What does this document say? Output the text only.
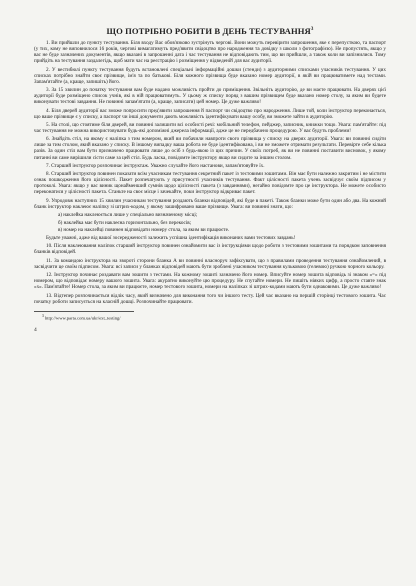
ЩО ПОТРІБНО РОБИТИ В ДЕНЬ ТЕСТУВАННЯ$^3$

1. Ви прийшли до пункту тестування. Біля входу Вас обов'язково зустрінуть черговi. Вони можуть перевірити запрошення, яке є перепусткою, та паспорт (у тих, кому не виповнилося 16 років, черговi вимагатимуть пред'явити свідоцтво про народження та довідку з школи з фотографією). Не пропустять, якщо у вас не буде зазначених документів, якщо вказані в запрошенні дата і час тестування не відповідають тим, що ви прийшли, а також коли ви запізнилися. Тому прийдіть на тестування заздалегідь, щоб мати час на реєстрацію і розміщення у відведеній для вас аудиторії.

2. У вестибюлі пункту тестування будуть встановлені спеціальні інформаційні дошки (стенди) з аудиторними списками учасників тестування. У цих списках потрібно знайти своє прізвище, ім'я та по батькові. Біля кожного прізвища буде вказано номер аудиторії, в якій ви працюватимете над тестами. Запам'ятайте (а, краще, запишіть) його.

3. За 15 хвилин до початку тестування вам буде надано можливість пройти до приміщення. Звільніть аудиторію, де ви маєте працювати. На дверях цієї аудиторії буде розміщено список учнів, які в ній працюватимуть. У цьому ж списку поряд з вашим прізвищем буде вказано номер столу, за яким ви будете виконувати тестові завдання. Не повинні запам'ятати (а, краще, записати) цей номер. Це дуже важливо!

4. Біля дверей аудиторії вас зможе попросити пред'явити запрошення й паспорт чи свідоцтво про народження. Лише той, коли інструктор переконається, що ваше прізвище є у списку, а паспорт чи інші документи дають можливість ідентифікувати вашу особу, ви зможете зайти в аудиторію.

5. На столі, що стоятиме біля дверей, ви повинні залишити всі особисті речі: мобільний телефон, пейджер, записник, книжки тощо. Увага: пам'ятайте: під час тестування не можна використовувати будь-які допоміжні джерела інформації, адже це не передбачено процедурою. У вас будуть проблеми!

6. Знайдіть стіл, на якому є наліпка з тим номером, який ви побачили навпроти свого прізвища у списку на дверях аудиторії. Увага: ви повинні сидіти лише за тим столом, який вказано у списку. В іншому випадку ваша робота не буде ідентифікована, і ви не зможете отримати результати. Перевірте себе кілька разів. За один стіл вам бути призначено працювати лише до осіб з будь-якою із цих причин. У своїх потреб, як ви не повинні поставити висновок, у якому питанні ви саме вирішили сісти саме за цей стіл. Будь ласка, повідомте інструктору якщо ви сидите за іншим столом.

7. Старший інструктор розпочинає інструктаж. Уважно слухайте його настанови, запам'ятовуйте їх.

8. Старший інструктор повинен показати всім учасникам тестування секретний пакет із тестовими зошитами. Він має бути належно закритим і не містити ознак пошкодження його цілісності. Пакет розпечатують у присутності учасників тестування. Факт цілісності пакета учень засвідчує своїм підписом у протоколі. Увага: якщо у вас виник щонайменший сумнів щодо цілісності пакета (з завданнями), негайно повідомте про це інструктора. Не можете особисто переконатися у цілісності пакета. Станьте на своє місце і зачекайте, поки інструктор відкриває пакет.

9. Упродовж наступних 15 хвилин учасникам тестування роздають бланки відповідей, які буде в пакеті. Також бланки може бути один або два. На кожний бланк інструктор наклеює наліпку зі штрих-кодом, у якому зашифровано ваше прізвище. Увага: ви повинні знати, що:

а) наклейка наклеюється лише у спеціально визначеному місці;

б) наклейка має бути наклеєна горизонтально, без перекосів;

в) номер на наклейці повинен відповідати номеру стола, за яким ви працюєте.

Будьте уважні, адже від вашої зосередженості залежить успішна ідентифікація виконаних вами тестових завдань!

10. Після наклеювання наліпок старший інструктор повинен ознайомити вас із інструкціями щодо роботи з тестовими зошитами та порядком заповнення бланків відповідей.

11. За командою інструктора на звороті сторони бланка А ви повинні власноруч зафіксувати, що з правилами проведення тестування ознайомлений, в засвідчити це своїм підписом. Увага: всі записи у бланках відповідей мають бути зроблені учасником тестування кульковою (гелевою) ручкою чорного кольору.

12. Інструктор починає роздавати вам зошити з тестами. На кожному зошиті зазначено його номер. Вписуйте номер зошита відповідь зі знаком «=» під номером, що відповідає номеру вашого зошита. Увага: акуратно виконуйте цю процедуру. Не спутайте номери. Не пишіть ніяких цифр, а просто ставте знак «х». Пам'ятайте! Номер стола, за яким ви працюєте, номер тестового зошита, номери на наліпках зі штрих-кодами мають бути однаковими. Це дуже важливо!

13. Відтепер розпочинається відлік часу, який визначено для виконання того чи іншого тесту. Цей час вказано на першій сторінці тестового зошита. Час початку роботи записується на класній дошці. Розпочинайте працювати.

$^3$ http://www.parta.com.ua/ukr/ext_testing/
4
